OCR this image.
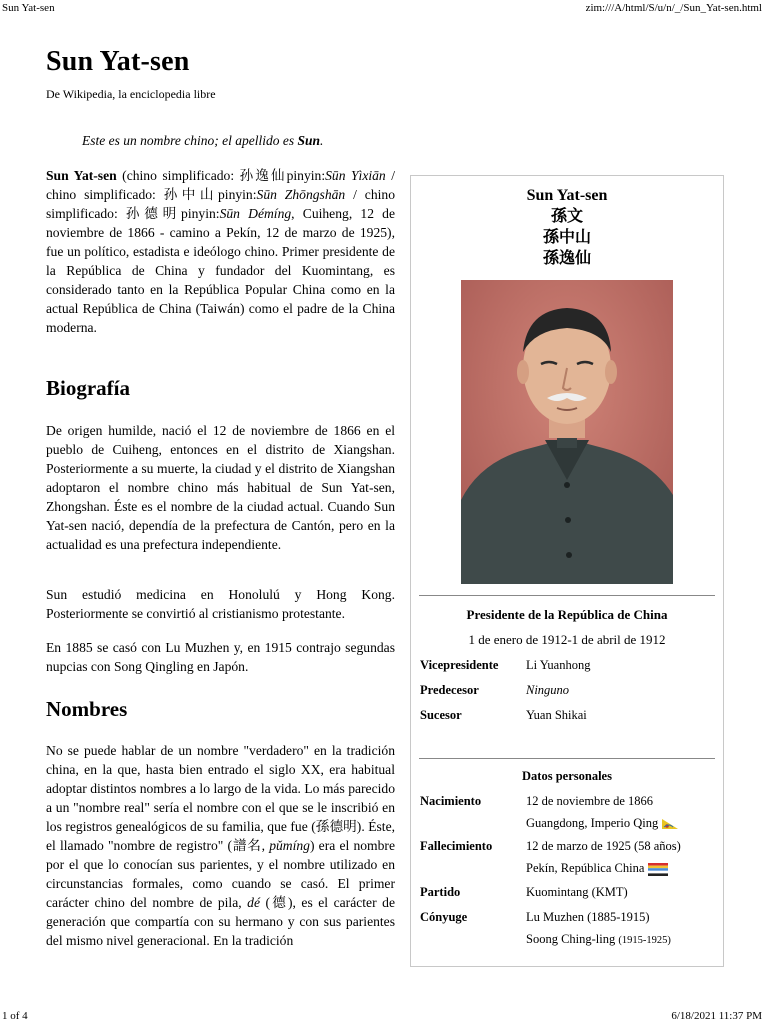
Sun Yat-sen	zim:///A/html/S/u/n/_/Sun_Yat-sen.html
Sun Yat-sen
De Wikipedia, la enciclopedia libre
Este es un nombre chino; el apellido es Sun.

Sun Yat-sen (chino simplificado: 孙逸仙pinyin:Sūn Yìxiān / chino simplificado: 孙中山pinyin:Sūn Zhōngshān / chino simplificado: 孙德明pinyin:Sūn Démíng, Cuiheng, 12 de noviembre de 1866 - camino a Pekín, 12 de marzo de 1925), fue un político, estadista e ideólogo chino. Primer presidente de la República de China y fundador del Kuomintang, es considerado tanto en la República Popular China como en la actual República de China (Taiwán) como el padre de la China moderna.

Biografía

De origen humilde, nació el 12 de noviembre de 1866 en el pueblo de Cuiheng, entonces en el distrito de Xiangshan. Posteriormente a su muerte, la ciudad y el distrito de Xiangshan adoptaron el nombre chino más habitual de Sun Yat-sen, Zhongshan. Éste es el nombre de la ciudad actual. Cuando Sun Yat-sen nació, dependía de la prefectura de Cantón, pero en la actualidad es una prefectura independiente.

Sun estudió medicina en Honolulú y Hong Kong. Posteriormente se convirtió al cristianismo protestante.

En 1885 se casó con Lu Muzhen y, en 1915 contrajo segundas nupcias con Song Qingling en Japón.

Nombres

No se puede hablar de un nombre "verdadero" en la tradición china, en la que, hasta bien entrado el siglo XX, era habitual adoptar distintos nombres a lo largo de la vida. Lo más parecido a un "nombre real" sería el nombre con el que se le inscribió en los registros genealógicos de su familia, que fue (孫德明). Éste, el llamado "nombre de registro" (譜名, pǔmíng) era el nombre por el que lo conocían sus parientes, y el nombre utilizado en circunstancias formales, como cuando se casó. El primer carácter chino del nombre de pila, dé (德), es el carácter de generación que compartía con su hermano y con sus parientes del mismo nivel generacional. En la tradición

Sun Yat-sen
孫文
孫中山
孫逸仙
Presidente de la República de China
1 de enero de 1912-1 de abril de 1912
Vicepresidente Li Yuanhong
Predecesor	Ninguno
Sucesor	Yuan Shikai
Datos personales
Nacimiento	12 de noviembre de 1866
Guangdong, Imperio Qing
Fallecimiento	12 de marzo de 1925 (58 años)
Pekín, República China
Partido	Kuomintang (KMT)
Cónyuge	Lu Muzhen (1885-1915)
Soong Ching-ling (1915-1925)
1 of 4	6/18/2021 11:37 PM
